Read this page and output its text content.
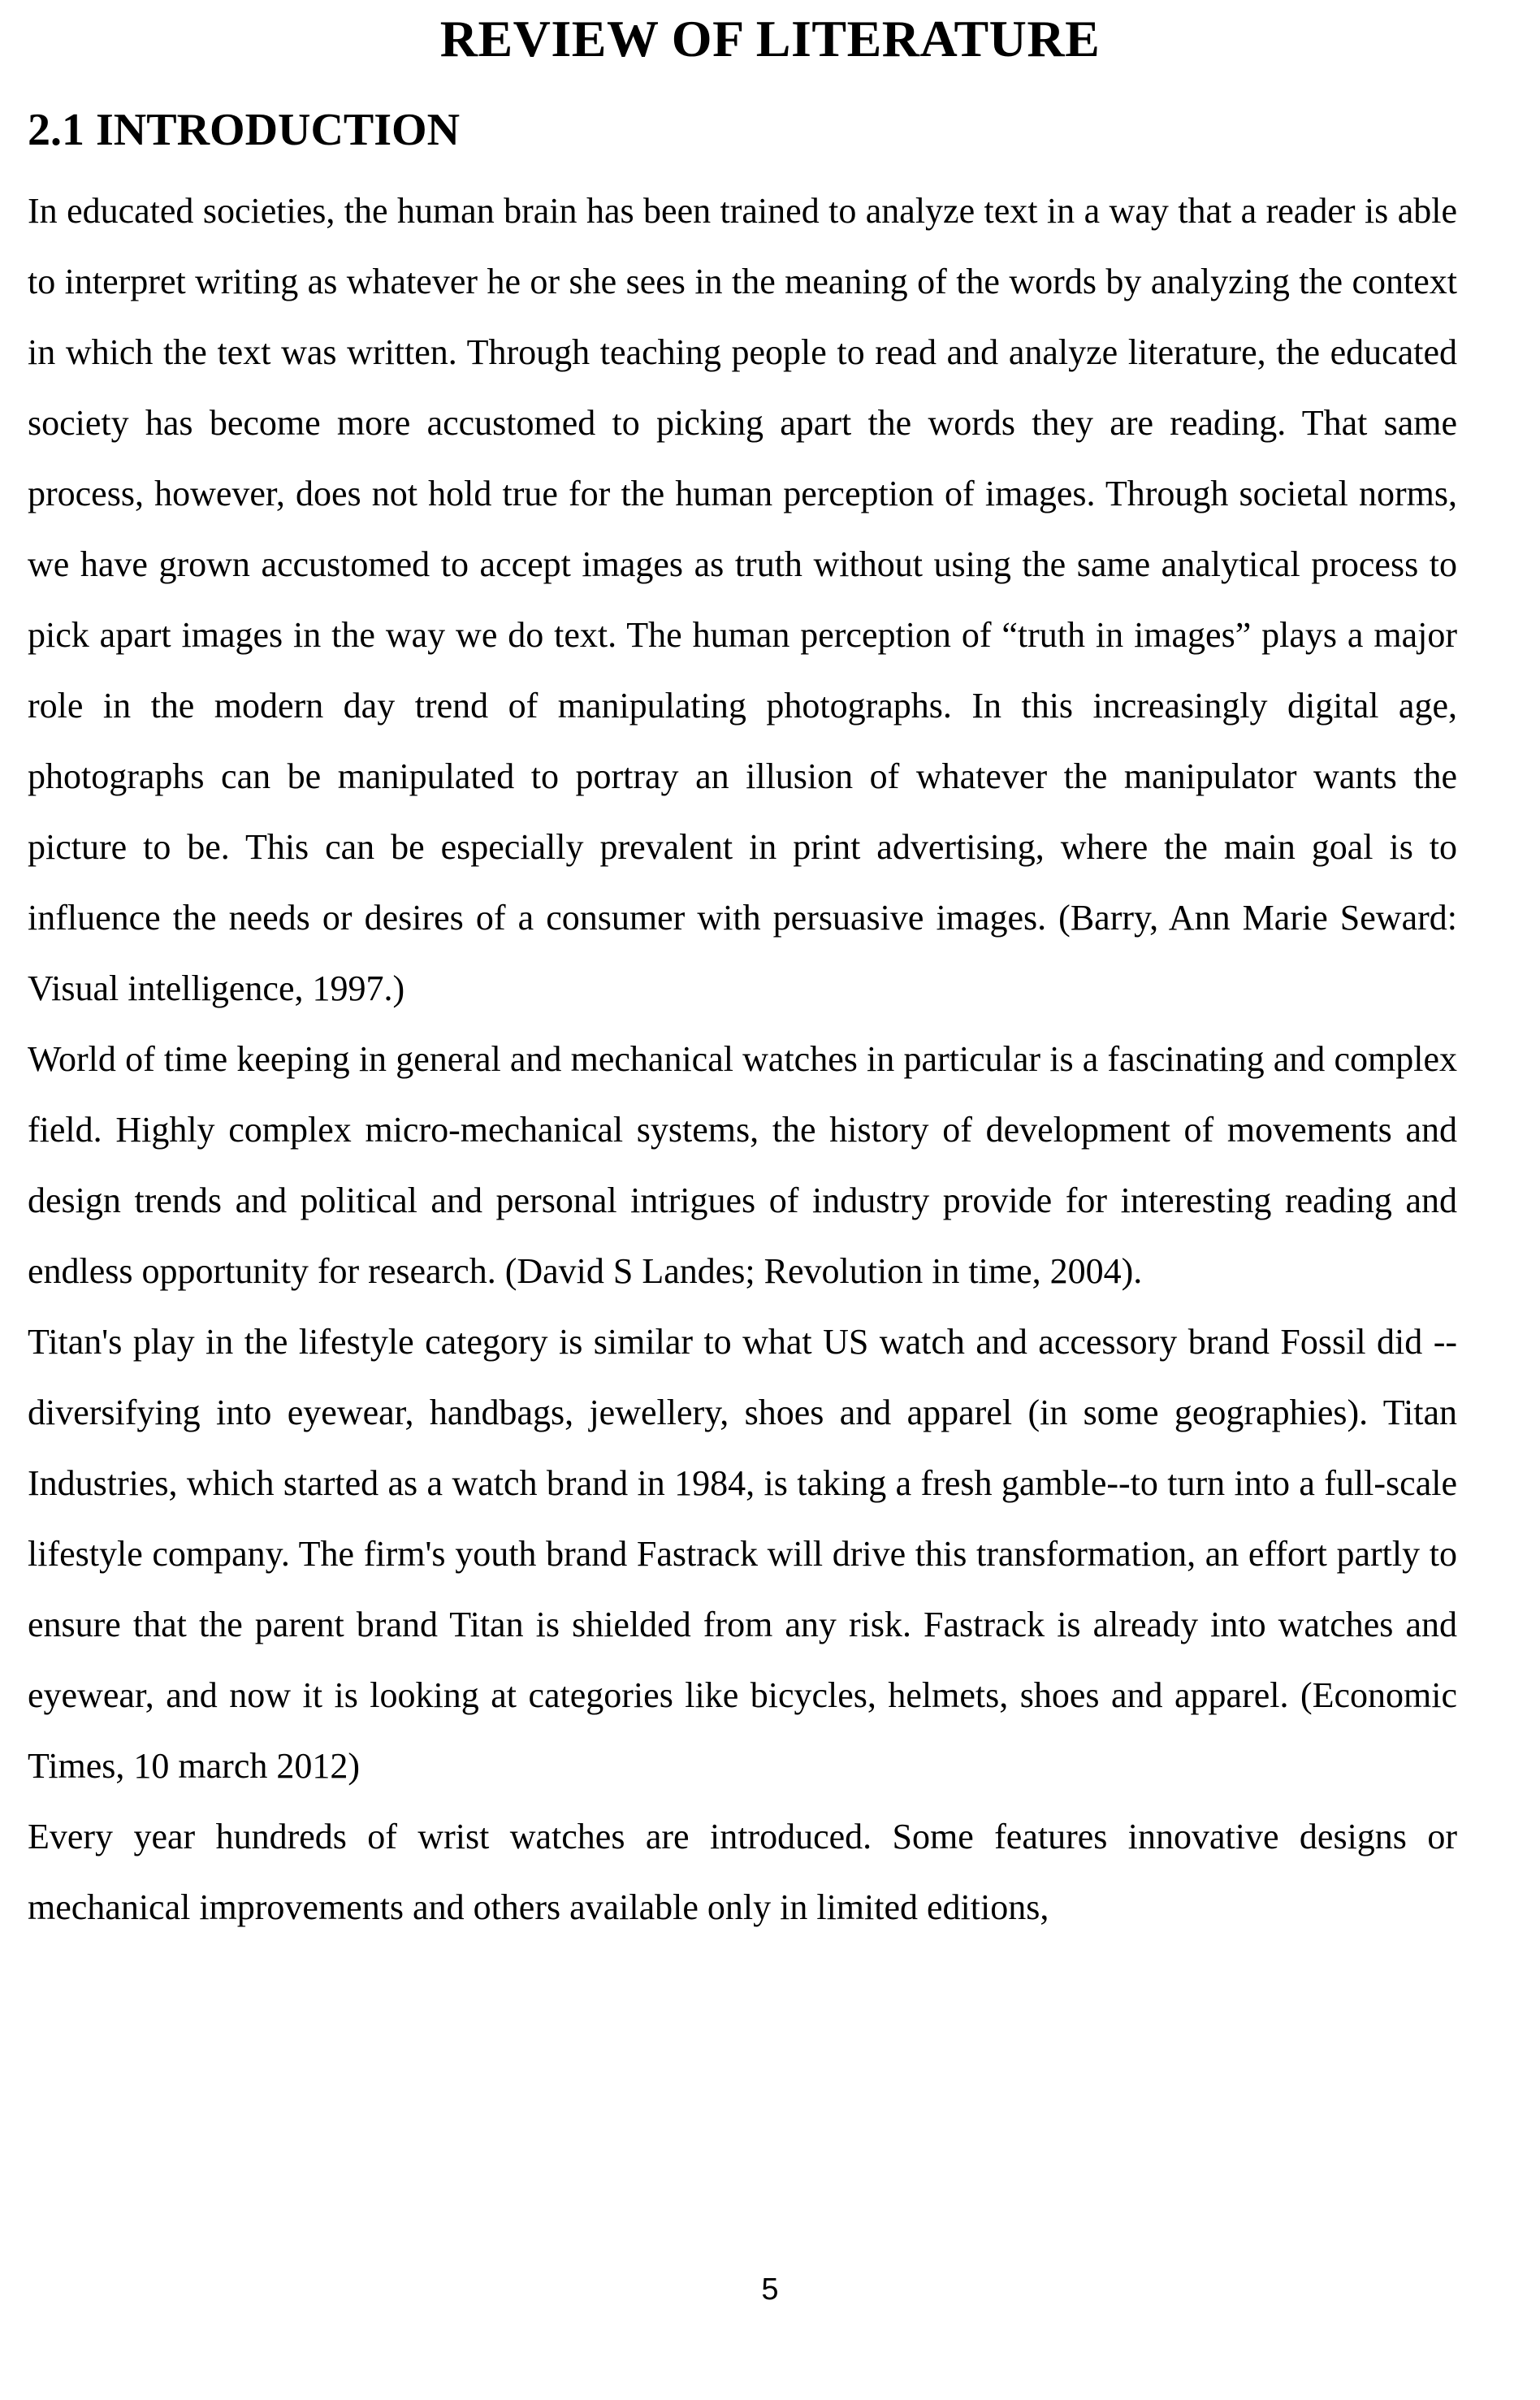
REVIEW OF LITERATURE
2.1 INTRODUCTION

In educated societies, the human brain has been trained to analyze text in a way that a reader is able to interpret writing as whatever he or she sees in the meaning of the words by analyzing the context in which the text was written. Through teaching people to read and analyze literature, the educated society has become more accustomed to picking apart the words they are reading. That same process, however, does not hold true for the human perception of images. Through societal norms, we have grown accustomed to accept images as truth without using the same analytical process to pick apart images in the way we do text. The human perception of “truth in images” plays a major role in the modern day trend of manipulating photographs. In this increasingly digital age, photographs can be manipulated to portray an illusion of whatever the manipulator wants the picture to be. This can be especially prevalent in print advertising, where the main goal is to influence the needs or desires of a consumer with persuasive images. (Barry, Ann Marie Seward: Visual intelligence, 1997.)

World of time keeping in general and mechanical watches in particular is a fascinating and complex field. Highly complex micro-mechanical systems, the history of development of movements and design trends and political and personal intrigues of industry provide for interesting reading and endless opportunity for research. (David S Landes; Revolution in time, 2004).

Titan's play in the lifestyle category is similar to what US watch and accessory brand Fossil did --diversifying into eyewear, handbags, jewellery, shoes and apparel (in some geographies). Titan Industries, which started as a watch brand in 1984, is taking a fresh gamble--to turn into a full-scale lifestyle company. The firm's youth brand Fastrack will drive this transformation, an effort partly to ensure that the parent brand Titan is shielded from any risk. Fastrack is already into watches and eyewear, and now it is looking at categories like bicycles, helmets, shoes and apparel. (Economic Times, 10 march 2012)

Every year hundreds of wrist watches are introduced. Some features innovative designs or mechanical improvements and others available only in limited editions,

5
